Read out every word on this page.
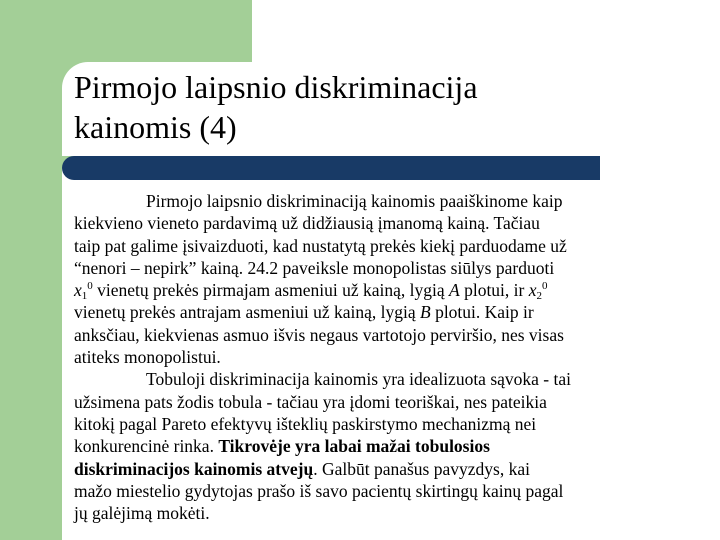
Pirmojo laipsnio diskriminacija
kainomis (4)
Pirmojo laipsnio diskriminaciją kainomis paaiškinome kaip
kiekvieno vieneto pardavimą už didžiausią įmanomą kainą. Tačiau
taip pat galime įsivaizduoti, kad nustatytą prekės kiekį parduodame už
“nenori – nepirk” kainą. 24.2 paveiksle monopolistas siūlys parduoti
$x_1^0$ vienetų prekės pirmajam asmeniui už kainą, lygią A plotui, ir $x_2^0$
vienetų prekės antrajam asmeniui už kainą, lygią B plotui. Kaip ir
anksčiau, kiekvienas asmuo išvis negaus vartotojo perviršio, nes visas
atiteks monopolistui.
Tobuloji diskriminacija kainomis yra idealizuota sąvoka - tai
užsimena pats žodis tobula - tačiau yra įdomi teoriškai, nes pateikia
kitokį pagal Pareto efektyvų išteklių paskirstymo mechanizmą nei
konkurencinė rinka. Tikrovėje yra labai mažai tobulosios
diskriminacijos kainomis atvejų. Galbūt panašus pavyzdys, kai
mažo miestelio gydytojas prašo iš savo pacientų skirtingų kainų pagal
jų galėjimą mokėti.
